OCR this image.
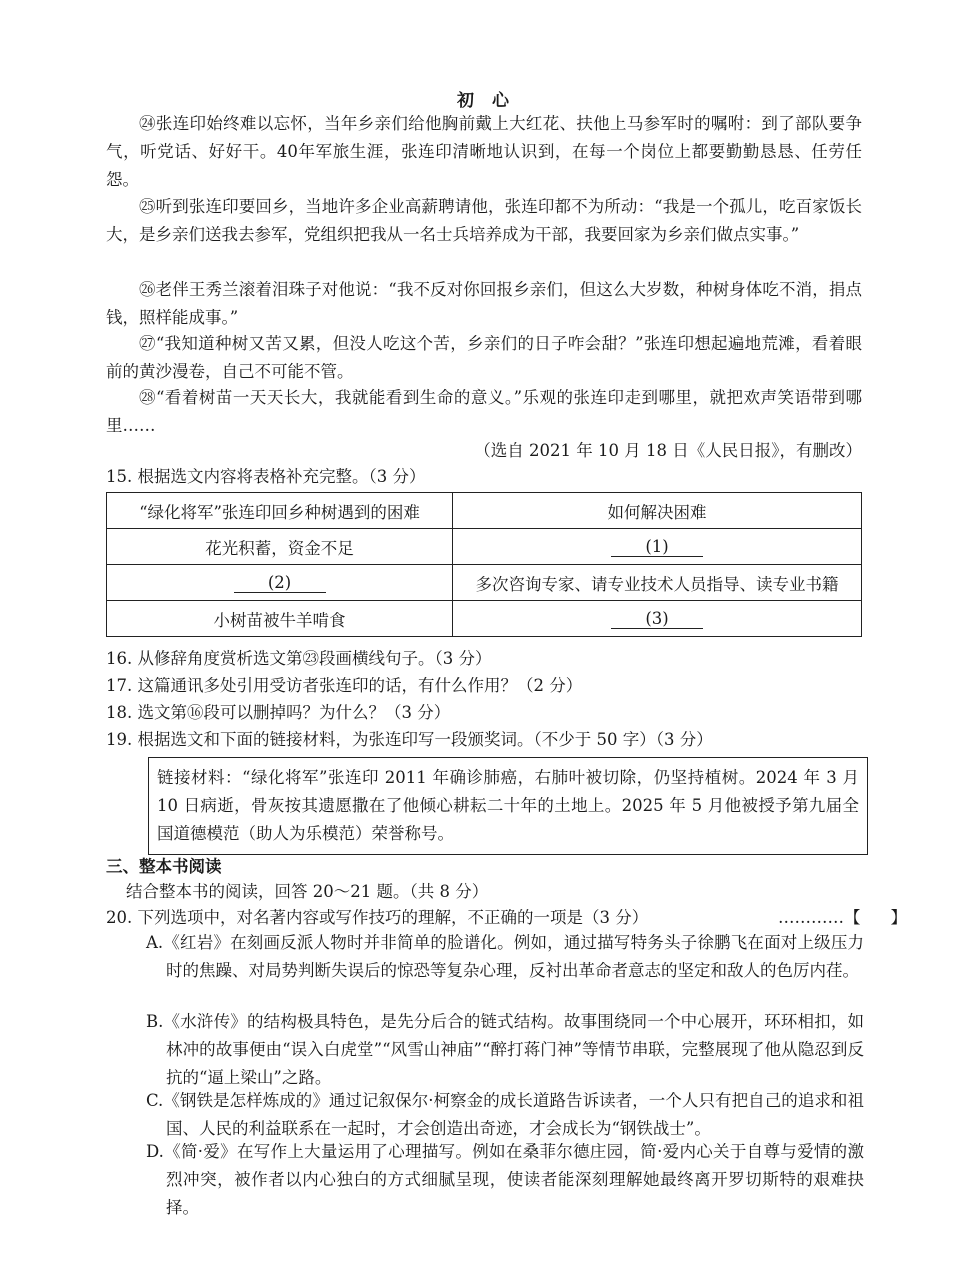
初 心
㉔张连印始终难以忘怀，当年乡亲们给他胸前戴上大红花、扶他上马参军时的嘱咐：到了部队要争气，听党话、好好干。40年军旅生涯，张连印清晰地认识到，在每一个岗位上都要勤勤恳恳、任劳任怨。
㉕听到张连印要回乡，当地许多企业高薪聘请他，张连印都不为所动：“我是一个孤儿，吃百家饭长大，是乡亲们送我去参军，党组织把我从一名士兵培养成为干部，我要回家为乡亲们做点实事。”
㉖老伴王秀兰滚着泪珠子对他说：“我不反对你回报乡亲们，但这么大岁数，种树身体吃不消，捐点钱，照样能成事。”
㉗“我知道种树又苦又累，但没人吃这个苦，乡亲们的日子咋会甜？”张连印想起遍地荒滩，看着眼前的黄沙漫卷，自己不可能不管。
㉘“看着树苗一天天长大，我就能看到生命的意义。”乐观的张连印走到哪里，就把欢声笑语带到哪里……
（选自 2021 年 10 月 18 日《人民日报》，有删改）
15. 根据选文内容将表格补充完整。（3 分）
“绿化将军”张连印回乡种树遇到的困难	如何解决困难
花光积蓄，资金不足	(1)
(2)	多次咨询专家、请专业技术人员指导、读专业书籍
小树苗被牛羊啃食	(3)
16. 从修辞角度赏析选文第㉓段画横线句子。（3 分）
17. 这篇通讯多处引用受访者张连印的话，有什么作用？（2 分）
18. 选文第⑯段可以删掉吗？为什么？（3 分）
19. 根据选文和下面的链接材料，为张连印写一段颁奖词。（不少于 50 字）（3 分）
链接材料：“绿化将军”张连印 2011 年确诊肺癌，右肺叶被切除，仍坚持植树。2024 年 3 月 10 日病逝，骨灰按其遗愿撒在了他倾心耕耘二十年的土地上。2025 年 5 月他被授予第九届全国道德模范（助人为乐模范）荣誉称号。
三、整本书阅读
结合整本书的阅读，回答 20～21 题。（共 8 分）
20. 下列选项中，对名著内容或写作技巧的理解，不正确的一项是（3 分）	…………【 】
A.《红岩》在刻画反派人物时并非简单的脸谱化。例如，通过描写特务头子徐鹏飞在面对上级压力时的焦躁、对局势判断失误后的惊恐等复杂心理，反衬出革命者意志的坚定和敌人的色厉内荏。
B.《水浒传》的结构极具特色，是先分后合的链式结构。故事围绕同一个中心展开，环环相扣，如林冲的故事便由“误入白虎堂”“风雪山神庙”“醉打蒋门神”等情节串联，完整展现了他从隐忍到反抗的“逼上梁山”之路。
C.《钢铁是怎样炼成的》通过记叙保尔·柯察金的成长道路告诉读者，一个人只有把自己的追求和祖国、人民的利益联系在一起时，才会创造出奇迹，才会成长为“钢铁战士”。
D.《简·爱》在写作上大量运用了心理描写。例如在桑菲尔德庄园，简·爱内心关于自尊与爱情的激烈冲突，被作者以内心独白的方式细腻呈现，使读者能深刻理解她最终离开罗切斯特的艰难抉择。
